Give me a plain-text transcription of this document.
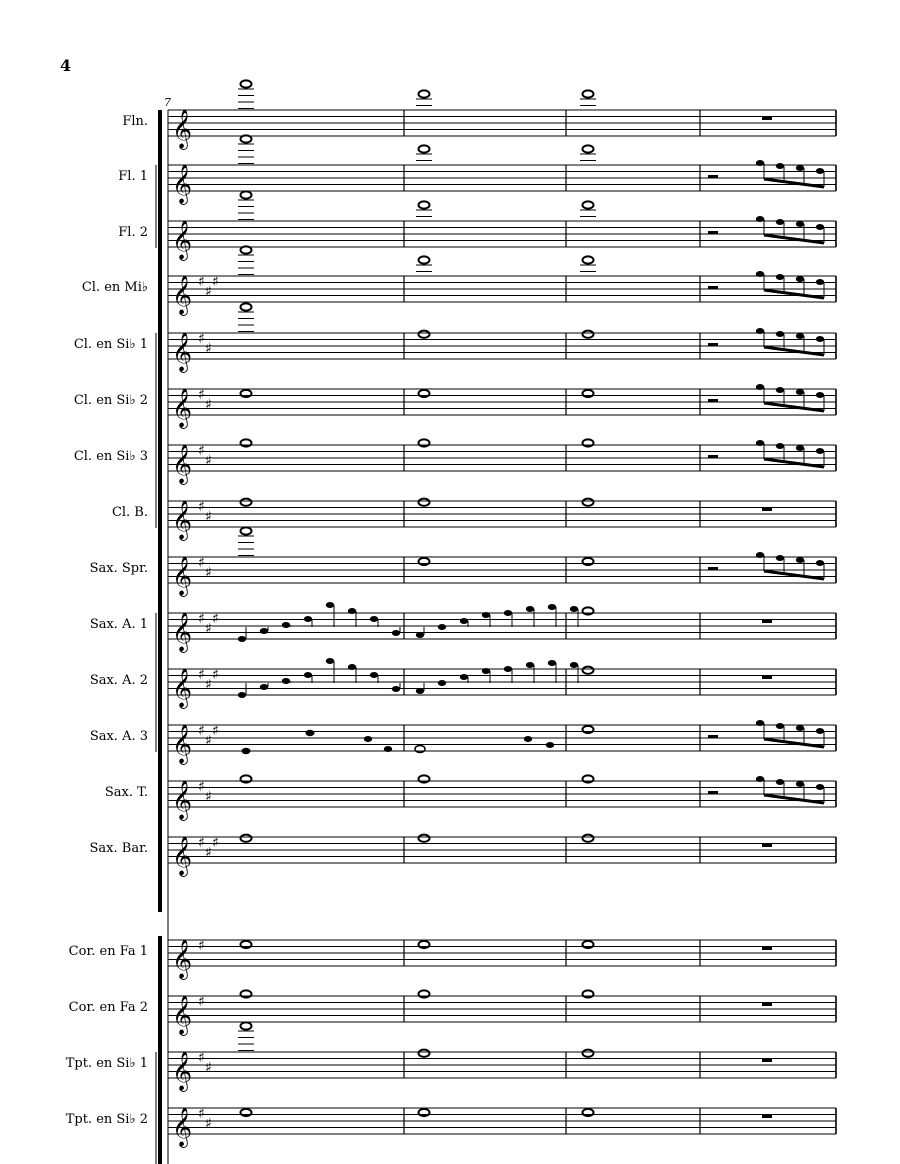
4
7
Fln.
Fl. 1
Fl. 2
Cl. en Mi♭
Cl. en Si♭ 1
Cl. en Si♭ 2
Cl. en Si♭ 3
Cl. B.
Sax. Spr.
Sax. A. 1
Sax. A. 2
Sax. A. 3
Sax. T.
Sax. Bar.
Cor. en Fa 1
Cor. en Fa 2
Tpt. en Si♭ 1
Tpt. en Si♭ 2
𝄞
𝄞
𝄞
𝄞 ♯
♯
♯
𝄞 ♯
♯
𝄞 ♯
♯
𝄞 ♯
♯
𝄞 ♯
♯
𝄞 ♯
♯
𝄞 ♯
♯
♯
𝄞 ♯
♯
♯
𝄞 ♯
♯
♯
𝄞 ♯
♯
𝄞 ♯
♯
♯
𝄞 ♯
𝄞 ♯
𝄞 ♯
♯
𝄞 ♯
♯
